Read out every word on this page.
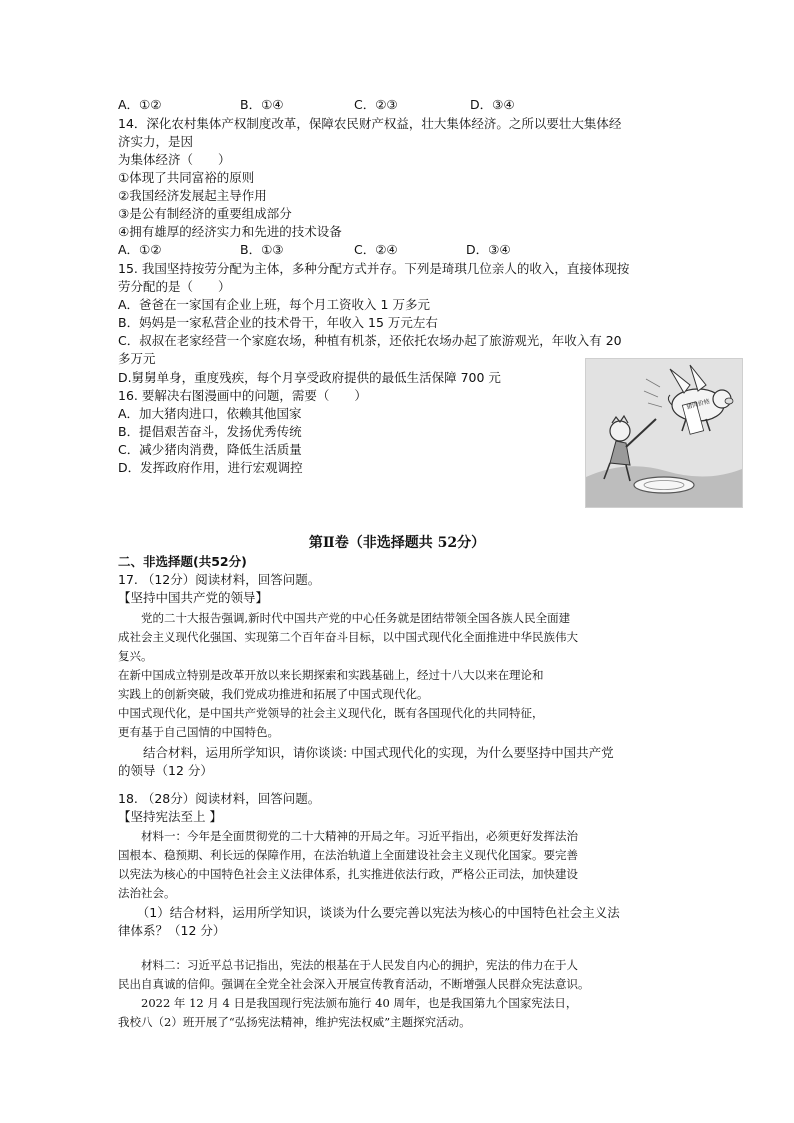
A．①②	B．①④	C．②③	D．③④
14．深化农村集体产权制度改革，保障农民财产权益，壮大集体经济。之所以要壮大集体经
济实力，是因
为集体经济（　　）
①体现了共同富裕的原则
②我国经济发展起主导作用
③是公有制经济的重要组成部分
④拥有雄厚的经济实力和先进的技术设备
A．①②	B．①③	C．②④	D．③④
15. 我国坚持按劳分配为主体，多种分配方式并存。下列是琦琪几位亲人的收入，直接体现按
劳分配的是（　　）
A．爸爸在一家国有企业上班，每个月工资收入 1 万多元
B．妈妈是一家私营企业的技术骨干，年收入 15 万元左右
C．叔叔在老家经营一个家庭农场，种植有机茶，还依托农场办起了旅游观光，年收入有 20
多万元
D.舅舅单身，重度残疾，每个月享受政府提供的最低生活保障 700 元
16. 要解决右图漫画中的问题，需要（　　）
A．加大猪肉进口，依赖其他国家
B．提倡艰苦奋斗，发扬优秀传统
C．减少猪肉消费，降低生活质量
D．发挥政府作用，进行宏观调控
猪肉价格
第Ⅱ卷（非选择题共 52分）
二、非选择题(共52分)
17. （12分）阅读材料，回答问题。
【坚持中国共产党的领导】
　　党的二十大报告强调,新时代中国共产党的中心任务就是团结带领全国各族人民全面建
成社会主义现代化强国、实现第二个百年奋斗目标，以中国式现代化全面推进中华民族伟大
复兴。
在新中国成立特别是改革开放以来长期探索和实践基础上，经过十八大以来在理论和
实践上的创新突破，我们党成功推进和拓展了中国式现代化。
中国式现代化，是中国共产党领导的社会主义现代化，既有各国现代化的共同特征，
更有基于自己国情的中国特色。
　　结合材料，运用所学知识，请你谈谈: 中国式现代化的实现，为什么要坚持中国共产党
的领导（12 分）
18. （28分）阅读材料，回答问题。
【坚持宪法至上 】
　　材料一：今年是全面贯彻党的二十大精神的开局之年。习近平指出，必须更好发挥法治
国根本、稳预期、利长远的保障作用，在法治轨道上全面建设社会主义现代化国家。要完善
以宪法为核心的中国特色社会主义法律体系，扎实推进依法行政，严格公正司法，加快建设
法治社会。
　　（1）结合材料，运用所学知识，谈谈为什么要完善以宪法为核心的中国特色社会主义法
律体系？（12 分）
　　材料二：习近平总书记指出，宪法的根基在于人民发自内心的拥护，宪法的伟力在于人
民出自真诚的信仰。强调在全党全社会深入开展宣传教育活动，不断增强人民群众宪法意识。
　　2022 年 12 月 4 日是我国现行宪法颁布施行 40 周年，也是我国第九个国家宪法日，
我校八（2）班开展了“弘扬宪法精神，维护宪法权威”主题探究活动。
